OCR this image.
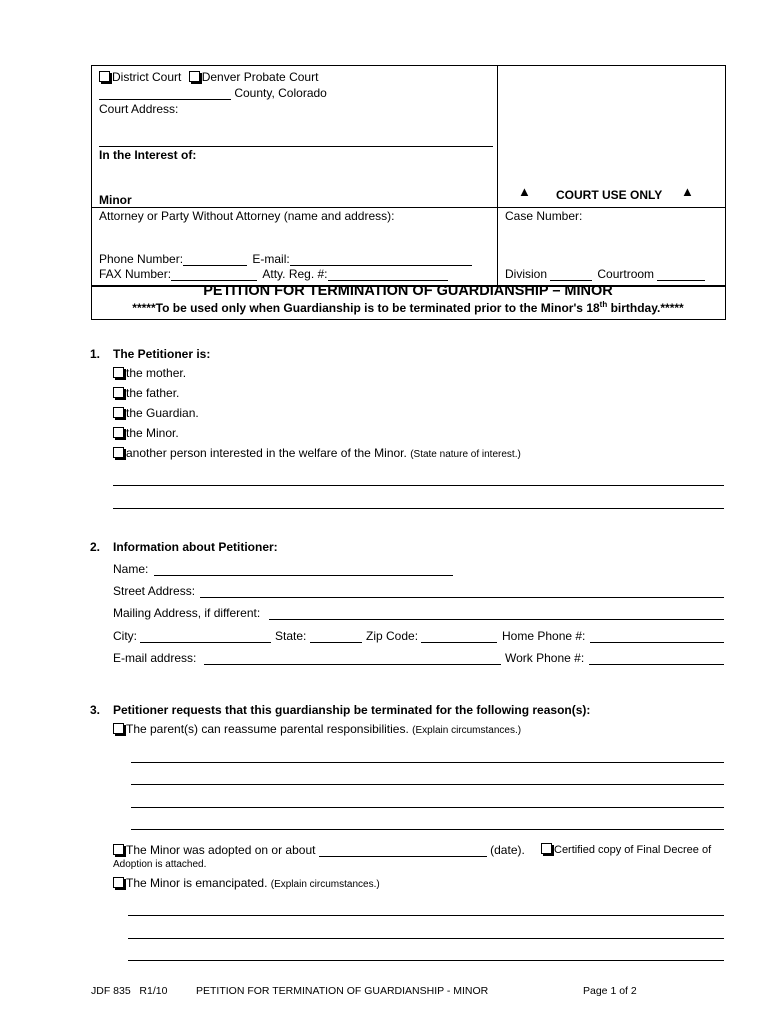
District Court Denver Probate Court
County, Colorado
Court Address:
In the Interest of:
Minor
Attorney or Party Without Attorney (name and address):
Phone Number:	E-mail:
FAX Number:	Atty. Reg. #:
▲ COURT USE ONLY ▲
Case Number:
Division	Courtroom
PETITION FOR TERMINATION OF GUARDIANSHIP – MINOR
*****To be used only when Guardianship is to be terminated prior to the Minor's 18th birthday.*****
1. The Petitioner is:
the mother.
the father.
the Guardian.
the Minor.
another person interested in the welfare of the Minor. (State nature of interest.)
2. Information about Petitioner:
Name:
Street Address:
Mailing Address, if different:
City:	State:	Zip Code:	Home Phone #:
E-mail address:	Work Phone #:
3. Petitioner requests that this guardianship be terminated for the following reason(s):
The parent(s) can reassume parental responsibilities. (Explain circumstances.)
The Minor was adopted on or about	(date).	Certified copy of Final Decree of
Adoption is attached.
The Minor is emancipated. (Explain circumstances.)
JDF 835   R1/10	PETITION FOR TERMINATION OF GUARDIANSHIP - MINOR	Page 1 of 2
